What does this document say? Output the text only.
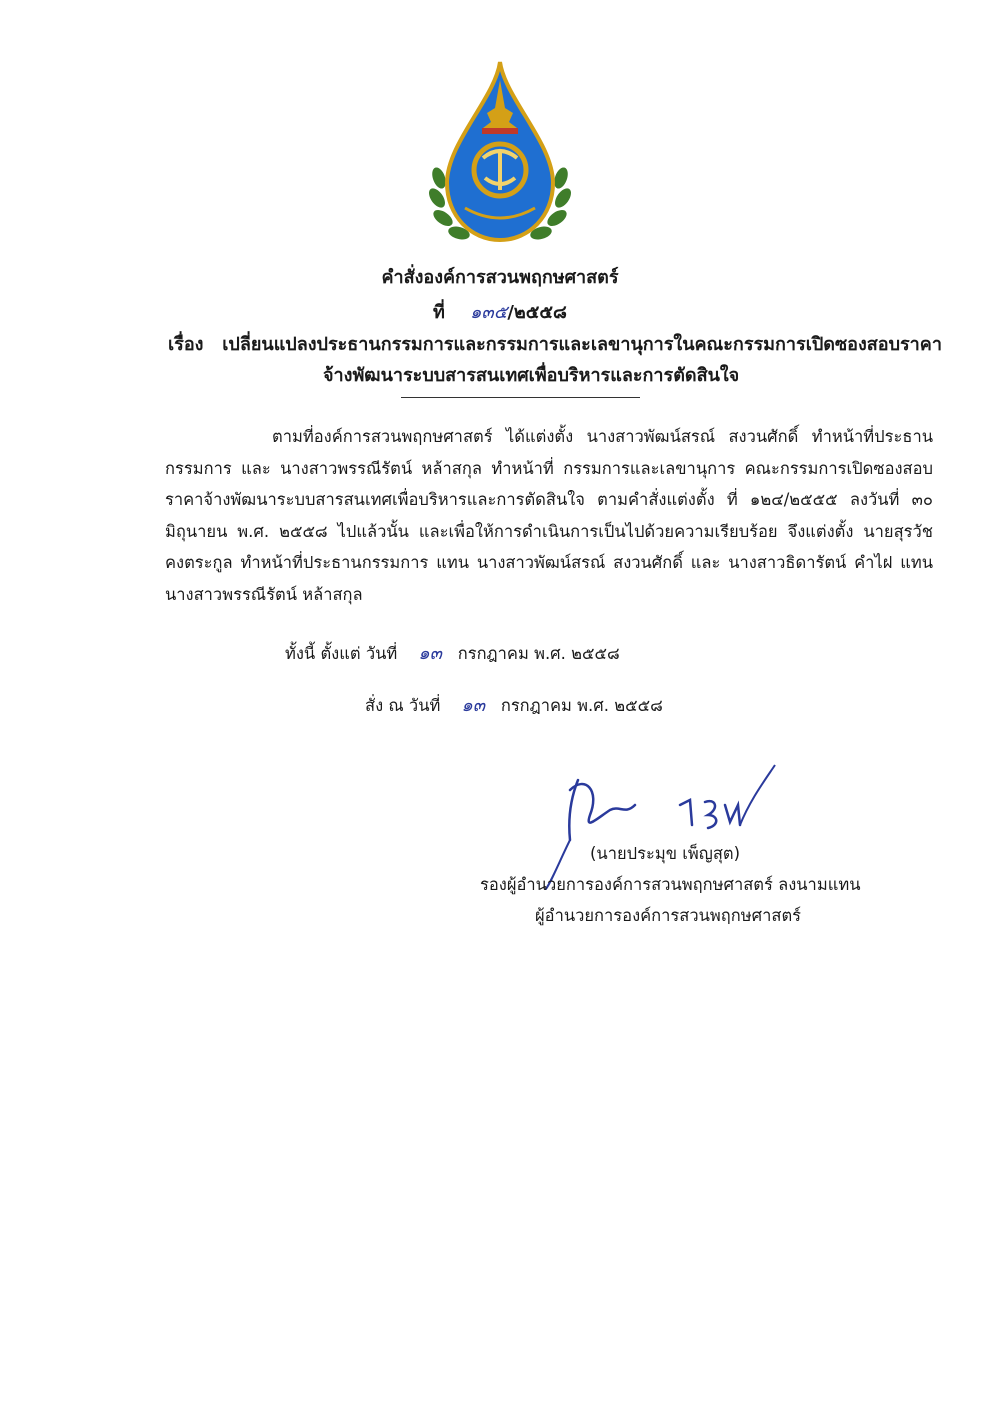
คำสั่งองค์การสวนพฤกษศาสตร์
ที่ ๑๓๕/๒๕๕๘
เรื่อง เปลี่ยนแปลงประธานกรรมการและกรรมการและเลขานุการในคณะกรรมการเปิดซองสอบราคา
จ้างพัฒนาระบบสารสนเทศเพื่อบริหารและการตัดสินใจ
ตามที่องค์การสวนพฤกษศาสตร์ ได้แต่งตั้ง นางสาวพัฒน์สรณ์ สงวนศักดิ์ ทำหน้าที่ประธาน
กรรมการ และ นางสาวพรรณีรัตน์ หล้าสกุล ทำหน้าที่ กรรมการและเลขานุการ คณะกรรมการเปิดซองสอบ
ราคาจ้างพัฒนาระบบสารสนเทศเพื่อบริหารและการตัดสินใจ ตามคำสั่งแต่งตั้ง ที่ ๑๒๔/๒๕๕๕ ลงวันที่ ๓๐
มิถุนายน พ.ศ. ๒๕๕๘ ไปแล้วนั้น และเพื่อให้การดำเนินการเป็นไปด้วยความเรียบร้อย จึงแต่งตั้ง นายสุรวัช
คงตระกูล ทำหน้าที่ประธานกรรมการ แทน นางสาวพัฒน์สรณ์ สงวนศักดิ์ และ นางสาวธิดารัตน์ คำไฝ แทน
นางสาวพรรณีรัตน์ หล้าสกุล
ทั้งนี้ ตั้งแต่ วันที่ ๑๓ กรกฎาคม พ.ศ. ๒๕๕๘
สั่ง ณ วันที่ ๑๓ กรกฎาคม พ.ศ. ๒๕๕๘
(นายประมุข เพ็ญสุต)
รองผู้อำนวยการองค์การสวนพฤกษศาสตร์ ลงนามแทน
ผู้อำนวยการองค์การสวนพฤกษศาสตร์
